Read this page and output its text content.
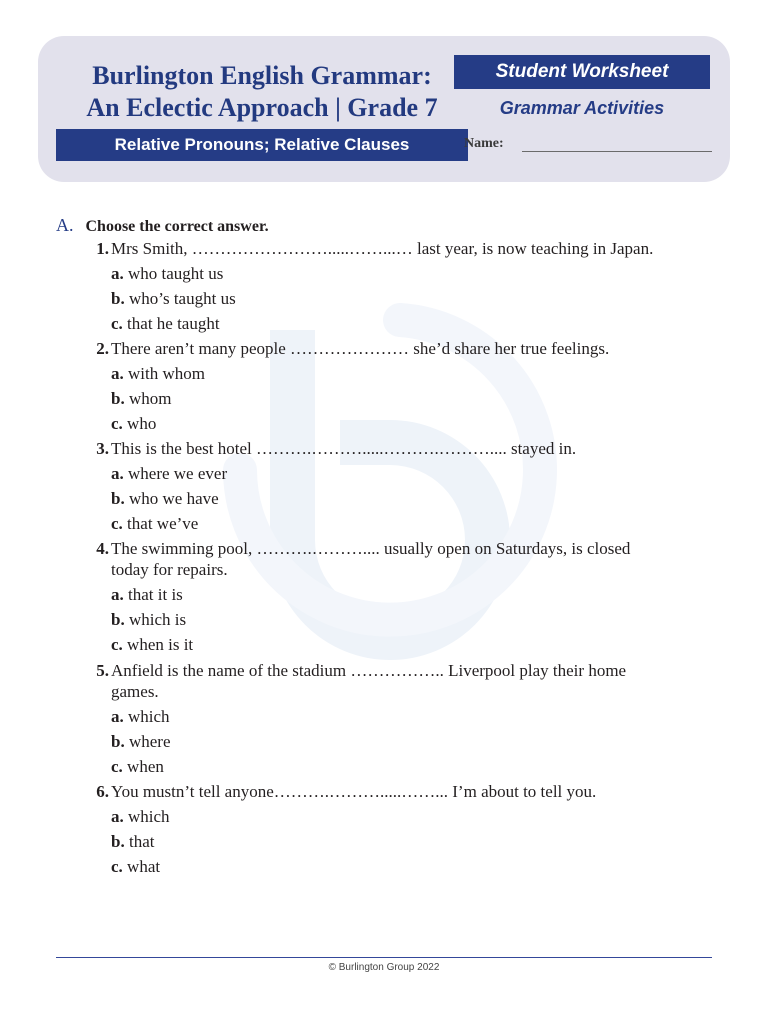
Burlington English Grammar:
An Eclectic Approach | Grade 7
Relative Pronouns; Relative Clauses
Student Worksheet
Grammar Activities
Name:
A. Choose the correct answer.
1. Mrs Smith, …………………….....……...… last year, is now teaching in Japan.
a. who taught us
b. who’s taught us
c. that he taught
2. There aren’t many people ………………… she’d share her true feelings.
a. with whom
b. whom
c. who
3. This is the best hotel ……….……….....……….……….... stayed in.
a. where we ever
b. who we have
c. that we’ve
4. The swimming pool, ……….……….... usually open on Saturdays, is closed
today for repairs.
a. that it is
b. which is
c. when is it
5. Anfield is the name of the stadium …………….. Liverpool play their home
games.
a. which
b. where
c. when
6. You mustn’t tell anyone……….……….....……... I’m about to tell you.
a. which
b. that
c. what
© Burlington Group 2022
